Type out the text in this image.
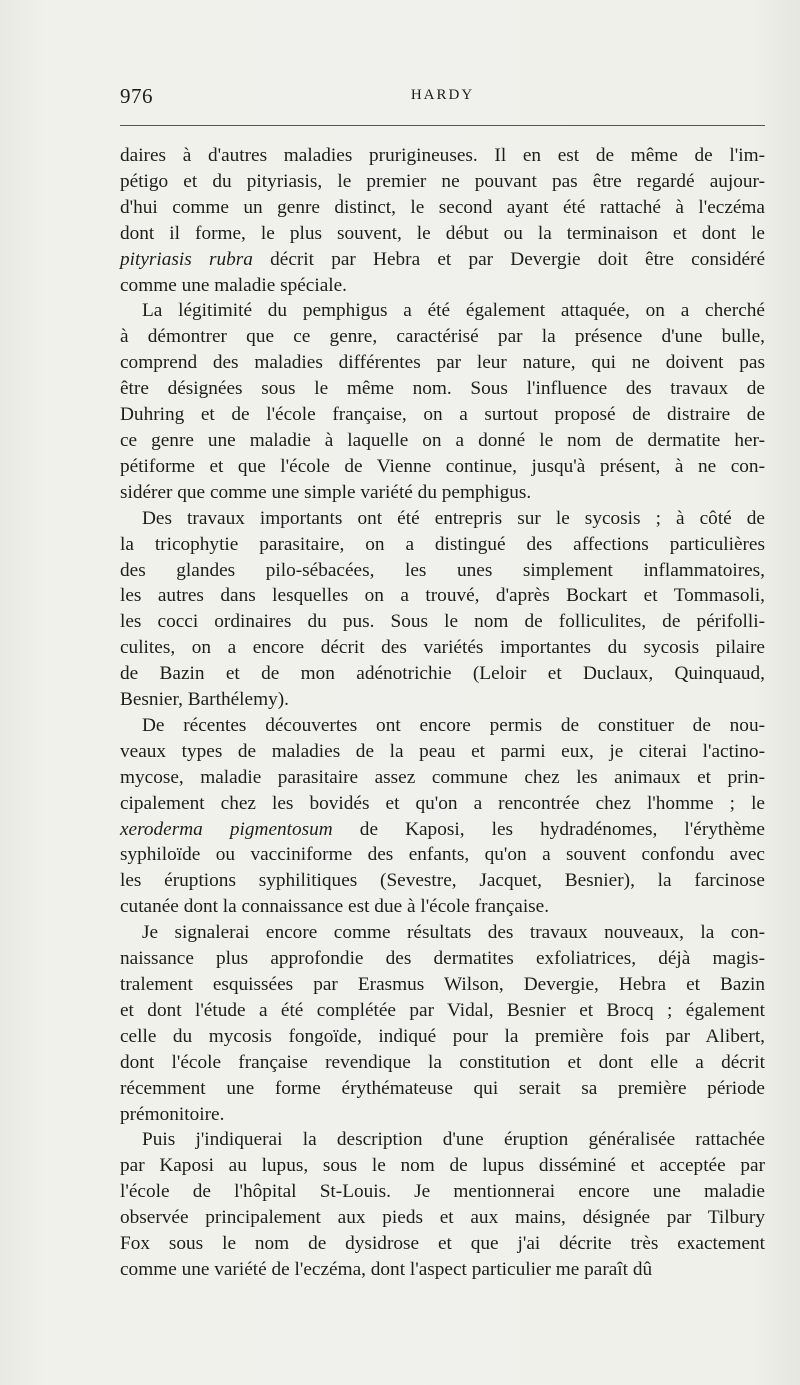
976	HARDY

daires à d'autres maladies prurigineuses. Il en est de même de l'im-
pétigo et du pityriasis, le premier ne pouvant pas être regardé aujour-
d'hui comme un genre distinct, le second ayant été rattaché à l'eczéma
dont il forme, le plus souvent, le début ou la terminaison et dont le
pityriasis rubra décrit par Hebra et par Devergie doit être considéré
comme une maladie spéciale.

La légitimité du pemphigus a été également attaquée, on a cherché
à démontrer que ce genre, caractérisé par la présence d'une bulle,
comprend des maladies différentes par leur nature, qui ne doivent pas
être désignées sous le même nom. Sous l'influence des travaux de
Duhring et de l'école française, on a surtout proposé de distraire de
ce genre une maladie à laquelle on a donné le nom de dermatite her-
pétiforme et que l'école de Vienne continue, jusqu'à présent, à ne con-
sidérer que comme une simple variété du pemphigus.

Des travaux importants ont été entrepris sur le sycosis ; à côté de
la tricophytie parasitaire, on a distingué des affections particulières
des glandes pilo-sébacées, les unes simplement inflammatoires,
les autres dans lesquelles on a trouvé, d'après Bockart et Tommasoli,
les cocci ordinaires du pus. Sous le nom de folliculites, de périfolli-
culites, on a encore décrit des variétés importantes du sycosis pilaire
de Bazin et de mon adénotrichie (Leloir et Duclaux, Quinquaud,
Besnier, Barthélemy).

De récentes découvertes ont encore permis de constituer de nou-
veaux types de maladies de la peau et parmi eux, je citerai l'actino-
mycose, maladie parasitaire assez commune chez les animaux et prin-
cipalement chez les bovidés et qu'on a rencontrée chez l'homme ; le
xeroderma pigmentosum de Kaposi, les hydradénomes, l'érythème
syphiloïde ou vacciniforme des enfants, qu'on a souvent confondu avec
les éruptions syphilitiques (Sevestre, Jacquet, Besnier), la farcinose
cutanée dont la connaissance est due à l'école française.

Je signalerai encore comme résultats des travaux nouveaux, la con-
naissance plus approfondie des dermatites exfoliatrices, déjà magis-
tralement esquissées par Erasmus Wilson, Devergie, Hebra et Bazin
et dont l'étude a été complétée par Vidal, Besnier et Brocq ; également
celle du mycosis fongoïde, indiqué pour la première fois par Alibert,
dont l'école française revendique la constitution et dont elle a décrit
récemment une forme érythémateuse qui serait sa première période
prémonitoire.

Puis j'indiquerai la description d'une éruption généralisée rattachée
par Kaposi au lupus, sous le nom de lupus disséminé et acceptée par
l'école de l'hôpital St-Louis. Je mentionnerai encore une maladie
observée principalement aux pieds et aux mains, désignée par Tilbury
Fox sous le nom de dysidrose et que j'ai décrite très exactement
comme une variété de l'eczéma, dont l'aspect particulier me paraît dû
